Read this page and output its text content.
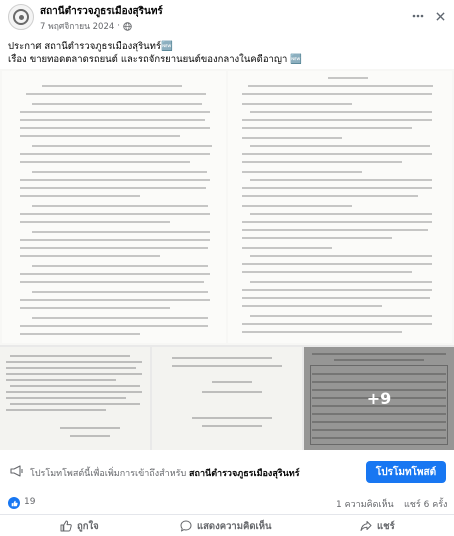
สถานีตำรวจภูธรเมืองสุรินทร์
7 พฤศจิกายน 2024 ·
ประกาศ สถานีตำรวจภูธรเมืองสุรินทร์🆕
เรื่อง ขายทอดตลาดรถยนต์ และรถจักรยานยนต์ของกลางในคดีอาญา 🆕
+9
โปรโมทโพสต์นี้เพื่อเพิ่มการเข้าถึงสำหรับ สถานีตำรวจภูธรเมืองสุรินทร์	โปรโมทโพสต์
19	1 ความคิดเห็น แชร์ 6 ครั้ง
ถูกใจ	แสดงความคิดเห็น	แชร์
